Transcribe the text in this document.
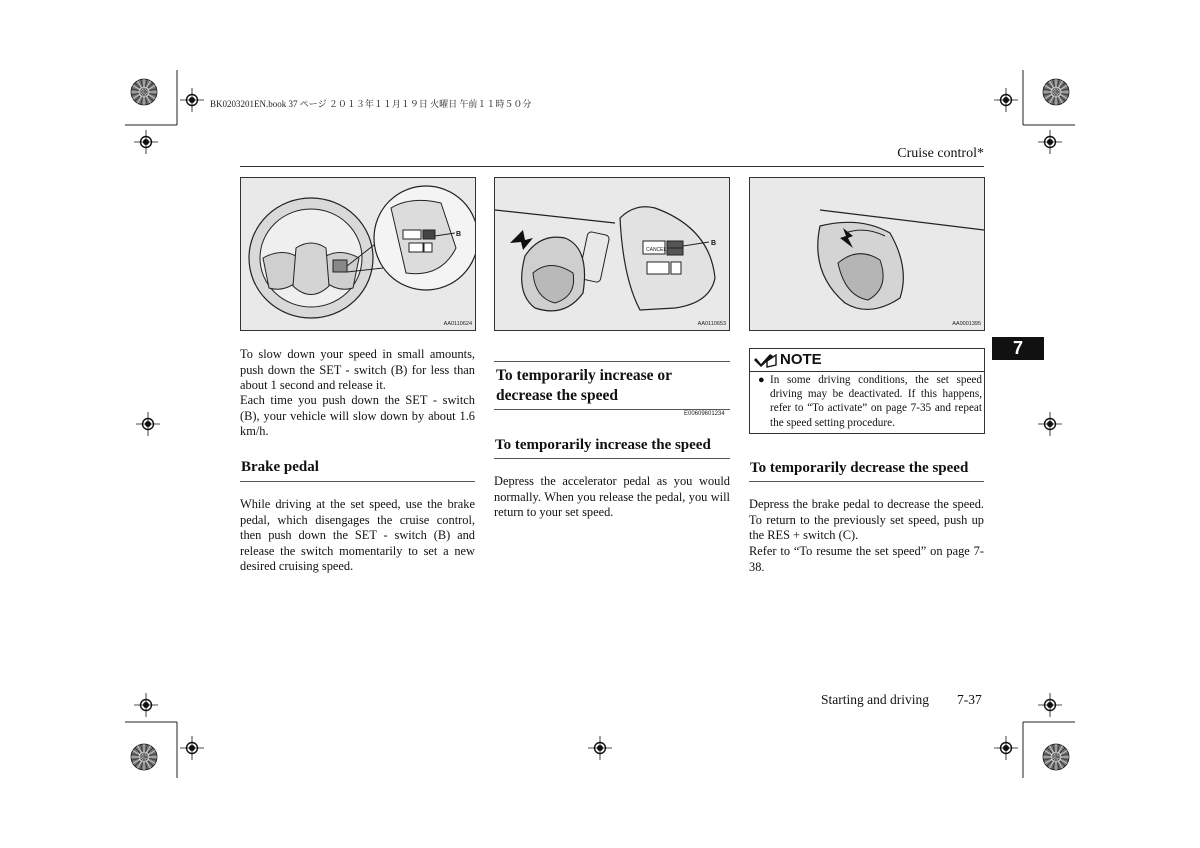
BK0203201EN.book 37 ページ ２０１３年１１月１９日 火曜日 午前１１時５０分
Cruise control*
7
B
AA0110624
CANCEL
B
AA0110653	AA0001395
To slow down your speed in small amounts, push down the SET - switch (B) for less than about 1 second and release it.
Each time you push down the SET - switch (B), your vehicle will slow down by about 1.6 km/h.
Brake pedal
While driving at the set speed, use the brake pedal, which disengages the cruise control, then push down the SET - switch (B) and release the switch momentarily to set a new desired cruising speed.
To temporarily increase or decrease the speed
E00609601234
To temporarily increase the speed
Depress the accelerator pedal as you would normally. When you release the pedal, you will return to your set speed.
NOTE
● In some driving conditions, the set speed driving may be deactivated. If this happens, refer to “To activate” on page 7-35 and repeat the speed setting procedure.
To temporarily decrease the speed
Depress the brake pedal to decrease the speed. To return to the previously set speed, push up the RES + switch (C).
Refer to “To resume the set speed” on page 7-38.
Starting and driving 7-37
